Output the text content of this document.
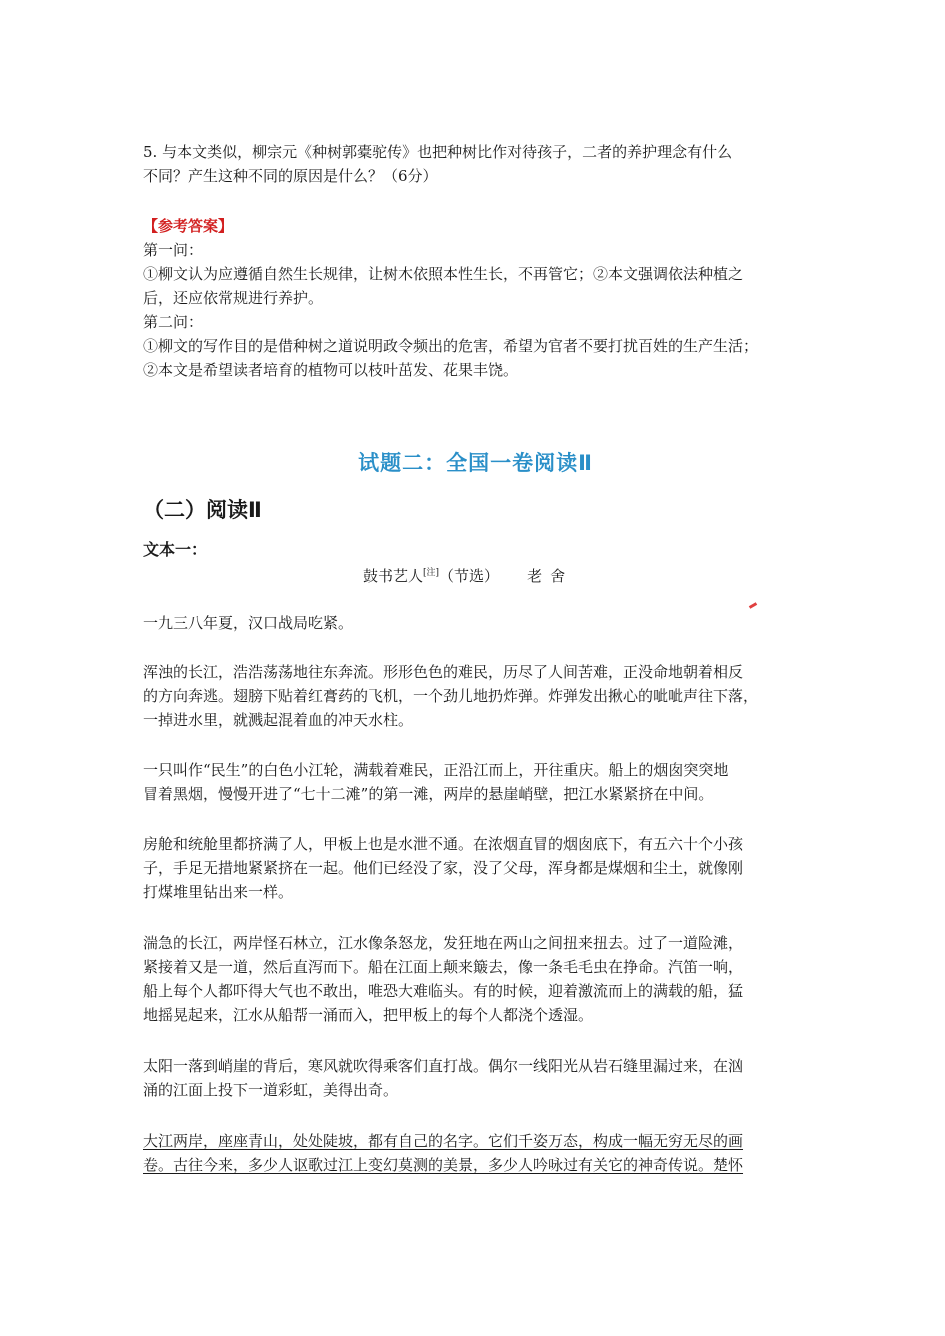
5. 与本文类似，柳宗元《种树郭橐驼传》也把种树比作对待孩子，二者的养护理念有什么

不同？产生这种不同的原因是什么？（6分）

【参考答案】

第一问：

①柳文认为应遵循自然生长规律，让树木依照本性生长，不再管它；②本文强调依法种植之

后，还应依常规进行养护。

第二问：

①柳文的写作目的是借种树之道说明政令频出的危害，希望为官者不要打扰百姓的生产生活；

②本文是希望读者培育的植物可以枝叶茁发、花果丰饶。

试题二：全国一卷阅读Ⅱ
（二）阅读Ⅱ
文本一：
鼓书艺人[注]（节选） 老舍

一九三八年夏，汉口战局吃紧。

浑浊的长江，浩浩荡荡地往东奔流。形形色色的难民，历尽了人间苦难，正没命地朝着相反

的方向奔逃。翅膀下贴着红膏药的飞机，一个劲儿地扔炸弹。炸弹发出揪心的呲呲声往下落，

一掉进水里，就溅起混着血的冲天水柱。

一只叫作“民生”的白色小江轮，满载着难民，正沿江而上，开往重庆。船上的烟囱突突地

冒着黑烟，慢慢开进了“七十二滩”的第一滩，两岸的悬崖峭壁，把江水紧紧挤在中间。

房舱和统舱里都挤满了人，甲板上也是水泄不通。在浓烟直冒的烟囱底下，有五六十个小孩

子，手足无措地紧紧挤在一起。他们已经没了家，没了父母，浑身都是煤烟和尘土，就像刚

打煤堆里钻出来一样。

湍急的长江，两岸怪石林立，江水像条怒龙，发狂地在两山之间扭来扭去。过了一道险滩，

紧接着又是一道，然后直泻而下。船在江面上颠来簸去，像一条毛毛虫在挣命。汽笛一响，

船上每个人都吓得大气也不敢出，唯恐大难临头。有的时候，迎着激流而上的满载的船，猛

地摇晃起来，江水从船帮一涌而入，把甲板上的每个人都浇个透湿。

太阳一落到峭崖的背后，寒风就吹得乘客们直打战。偶尔一线阳光从岩石缝里漏过来，在汹

涌的江面上投下一道彩虹，美得出奇。

大江两岸，座座青山，处处陡坡，都有自己的名字。它们千姿万态，构成一幅无穷无尽的画

卷。古往今来，多少人讴歌过江上变幻莫测的美景，多少人吟咏过有关它的神奇传说。楚怀
